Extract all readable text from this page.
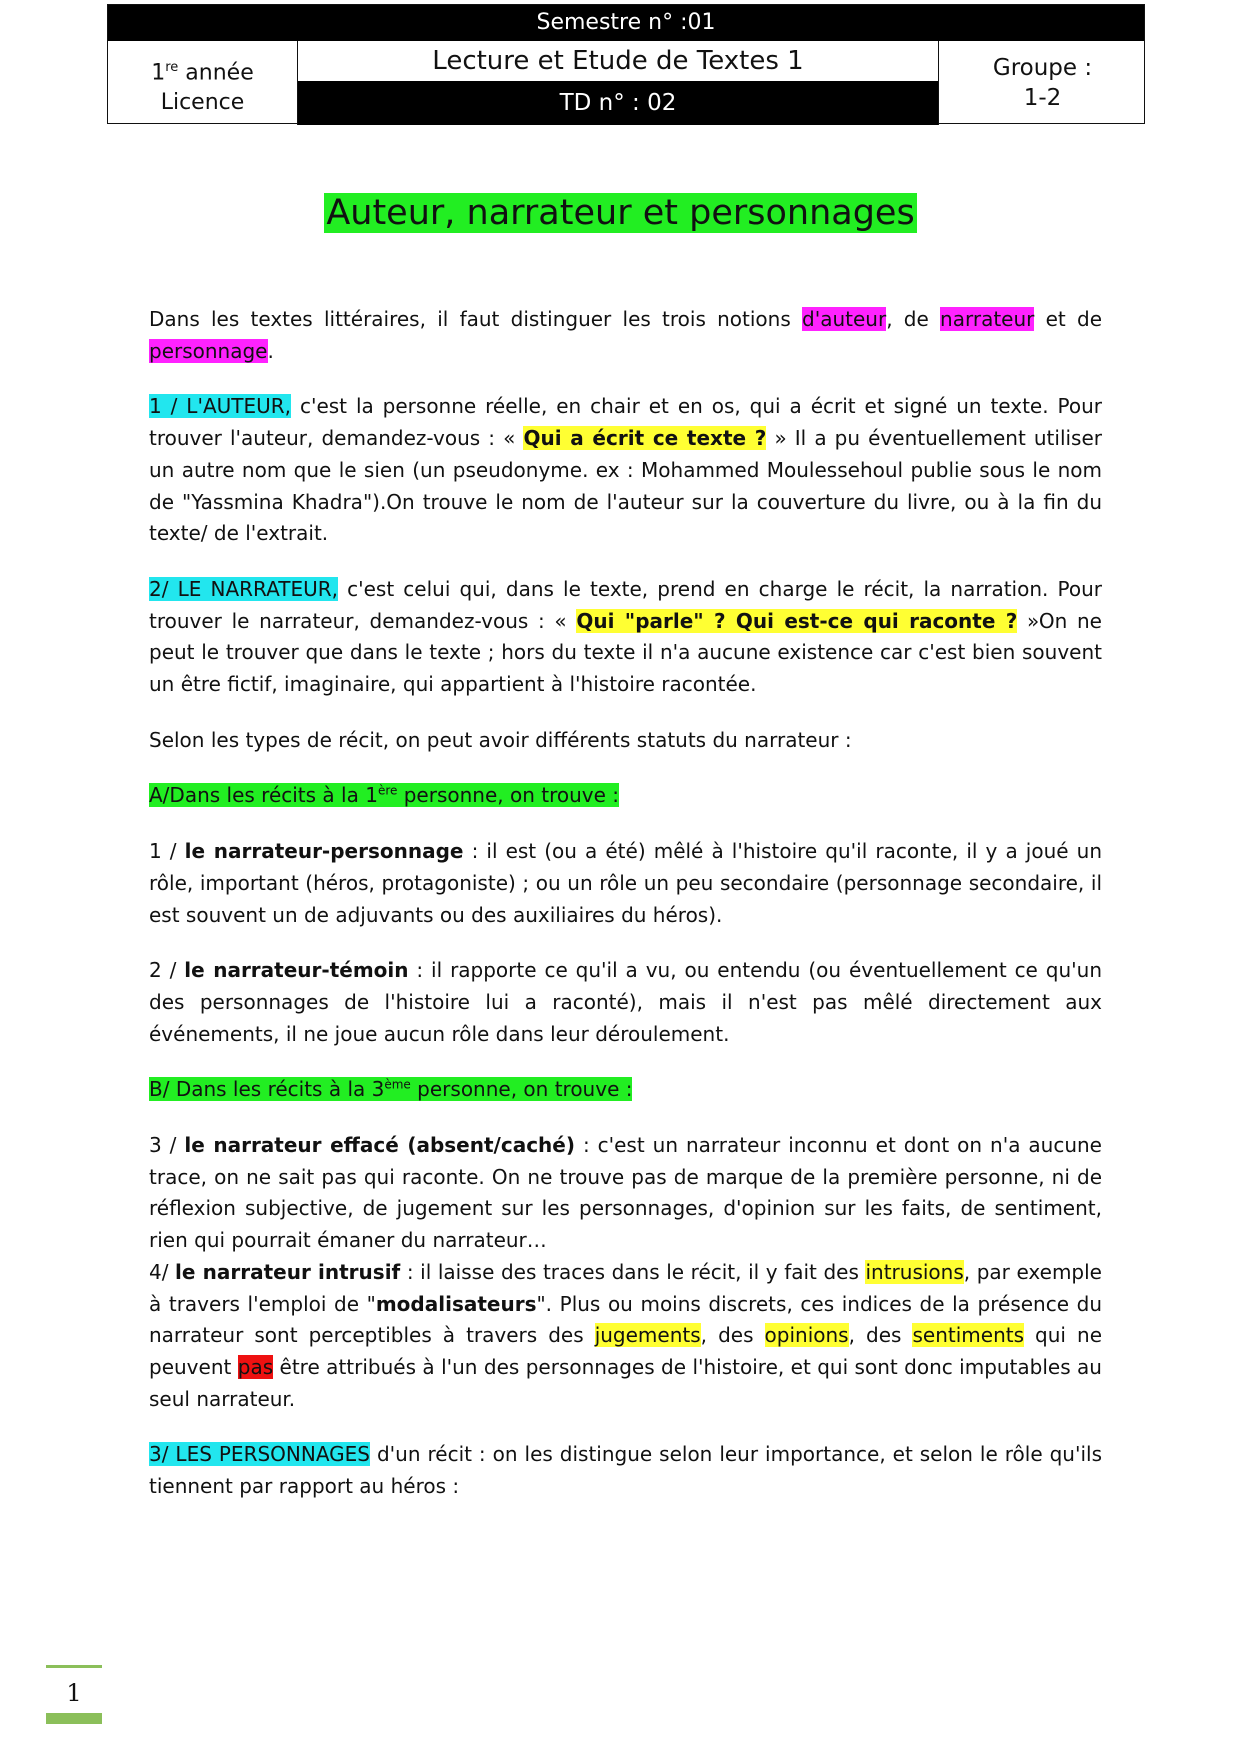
Semestre n° :01
1re année
Licence
Lecture et Etude de Textes 1
TD n° : 02
Groupe :
1-2
Auteur, narrateur et personnages

Dans les textes littéraires, il faut distinguer les trois notions d'auteur, de narrateur et de personnage.

1 / L'AUTEUR, c'est la personne réelle, en chair et en os, qui a écrit et signé un texte. Pour trouver l'auteur, demandez-vous : « Qui a écrit ce texte ? » Il a pu éventuellement utiliser un autre nom que le sien (un pseudonyme. ex : Mohammed Moulessehoul publie sous le nom de "Yassmina Khadra").On trouve le nom de l'auteur sur la couverture du livre, ou à la fin du texte/ de l'extrait.

2/ LE NARRATEUR, c'est celui qui, dans le texte, prend en charge le récit, la narration. Pour trouver le narrateur, demandez-vous : « Qui "parle" ? Qui est-ce qui raconte ? »On ne peut le trouver que dans le texte ; hors du texte il n'a aucune existence car c'est bien souvent un être fictif, imaginaire, qui appartient à l'histoire racontée.

Selon les types de récit, on peut avoir différents statuts du narrateur :

A/Dans les récits à la 1ère personne, on trouve :

1 / le narrateur-personnage : il est (ou a été) mêlé à l'histoire qu'il raconte, il y a joué un rôle, important (héros, protagoniste) ; ou un rôle un peu secondaire (personnage secondaire, il est souvent un de adjuvants ou des auxiliaires du héros).

2 / le narrateur-témoin : il rapporte ce qu'il a vu, ou entendu (ou éventuellement ce qu'un des personnages de l'histoire lui a raconté), mais il n'est pas mêlé directement aux événements, il ne joue aucun rôle dans leur déroulement.

B/ Dans les récits à la 3ème personne, on trouve :

3 / le narrateur effacé (absent/caché) : c'est un narrateur inconnu et dont on n'a aucune trace, on ne sait pas qui raconte. On ne trouve pas de marque de la première personne, ni de réflexion subjective, de jugement sur les personnages, d'opinion sur les faits, de sentiment, rien qui pourrait émaner du narrateur…

4/ le narrateur intrusif : il laisse des traces dans le récit, il y fait des intrusions, par exemple à travers l'emploi de "modalisateurs". Plus ou moins discrets, ces indices de la présence du narrateur sont perceptibles à travers des jugements, des opinions, des sentiments qui ne peuvent pas être attribués à l'un des personnages de l'histoire, et qui sont donc imputables au seul narrateur.

3/ LES PERSONNAGES d'un récit : on les distingue selon leur importance, et selon le rôle qu'ils tiennent par rapport au héros :

1
